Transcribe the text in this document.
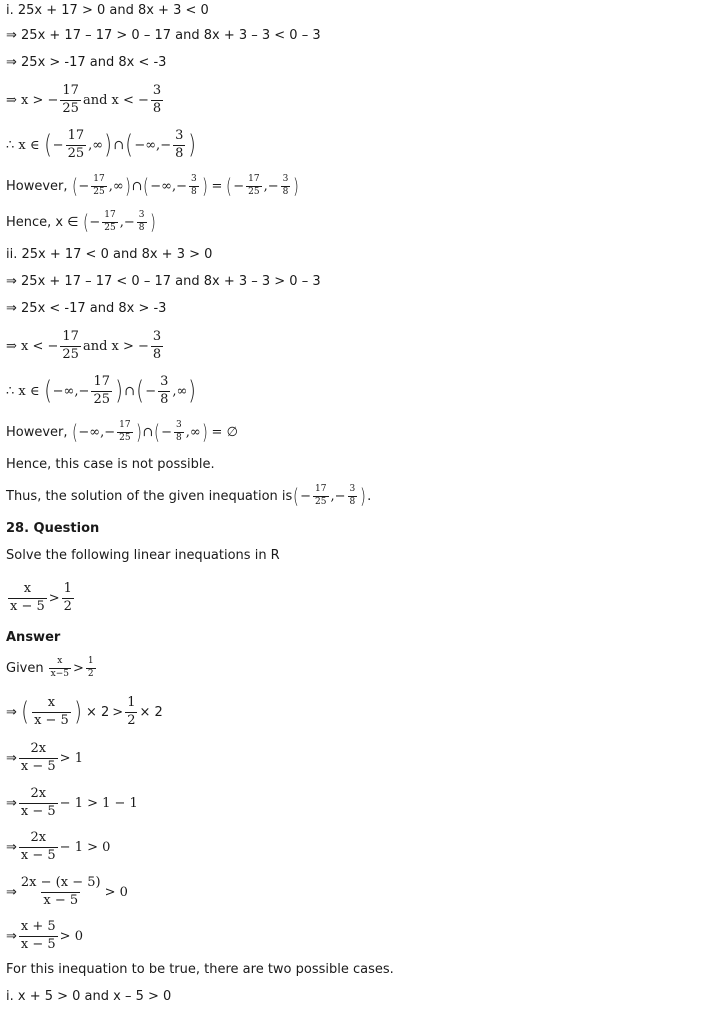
i. 25x + 17 > 0 and 8x + 3 < 0
⇒ 25x + 17 – 17 > 0 – 17 and 8x + 3 – 3 < 0 – 3
⇒ 25x > -17 and 8x < -3
⇒ x > − $\frac{17}{25}$ and x < − $\frac{3}{8}$
∴ x ∈ ( − $\frac{17}{25}$ , ∞ ) ∩ ( −∞ , − $\frac{3}{8}$ )
However, ( − $\frac{17}{25}$ , ∞ ) ∩ ( −∞ , − $\frac{3}{8}$ ) = ( − $\frac{17}{25}$ , − $\frac{3}{8}$ )
Hence, x ∈ ( − $\frac{17}{25}$ , − $\frac{3}{8}$ )
ii. 25x + 17 < 0 and 8x + 3 > 0
⇒ 25x + 17 – 17 < 0 – 17 and 8x + 3 – 3 > 0 – 3
⇒ 25x < -17 and 8x > -3
⇒ x < − $\frac{17}{25}$ and x > − $\frac{3}{8}$
∴ x ∈ ( −∞ , − $\frac{17}{25}$ ) ∩ ( − $\frac{3}{8}$ , ∞ )
However, ( −∞ , − $\frac{17}{25}$ ) ∩ ( − $\frac{3}{8}$ , ∞ ) = ∅
Hence, this case is not possible.
Thus, the solution of the given inequation is ( − $\frac{17}{25}$ , − $\frac{3}{8}$ ) .
28. Question
Solve the following linear inequations in R
$\frac{x}{x - 5} > \frac{1}{2}$
Answer
Given $\frac{x}{x-5} > \frac{1}{2}$
⇒ ( $\frac{x}{x - 5}$ ) × $2 > \frac{1}{2} \times 2$
⇒ $\frac{2x}{x - 5} > 1$
⇒ $\frac{2x}{x - 5} - 1 > 1 - 1$
⇒ $\frac{2x}{x - 5} - 1 > 0$
⇒ $\frac{2x - (x - 5)}{x - 5} > 0$
⇒ $\frac{x + 5}{x - 5} > 0$
For this inequation to be true, there are two possible cases.
i. x + 5 > 0 and x – 5 > 0
